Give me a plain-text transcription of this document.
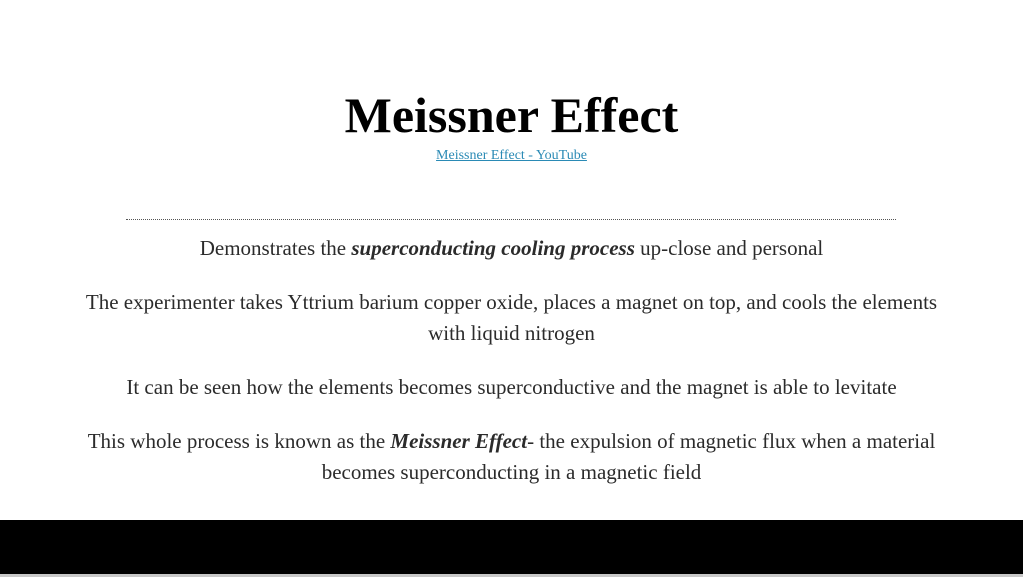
Meissner Effect
Meissner Effect - YouTube

Demonstrates the superconducting cooling process up-close and personal

The experimenter takes Yttrium barium copper oxide, places a magnet on top, and cools the elements with liquid nitrogen

It can be seen how the elements becomes superconductive and the magnet is able to levitate

This whole process is known as the Meissner Effect- the expulsion of magnetic flux when a material becomes superconducting in a magnetic field
